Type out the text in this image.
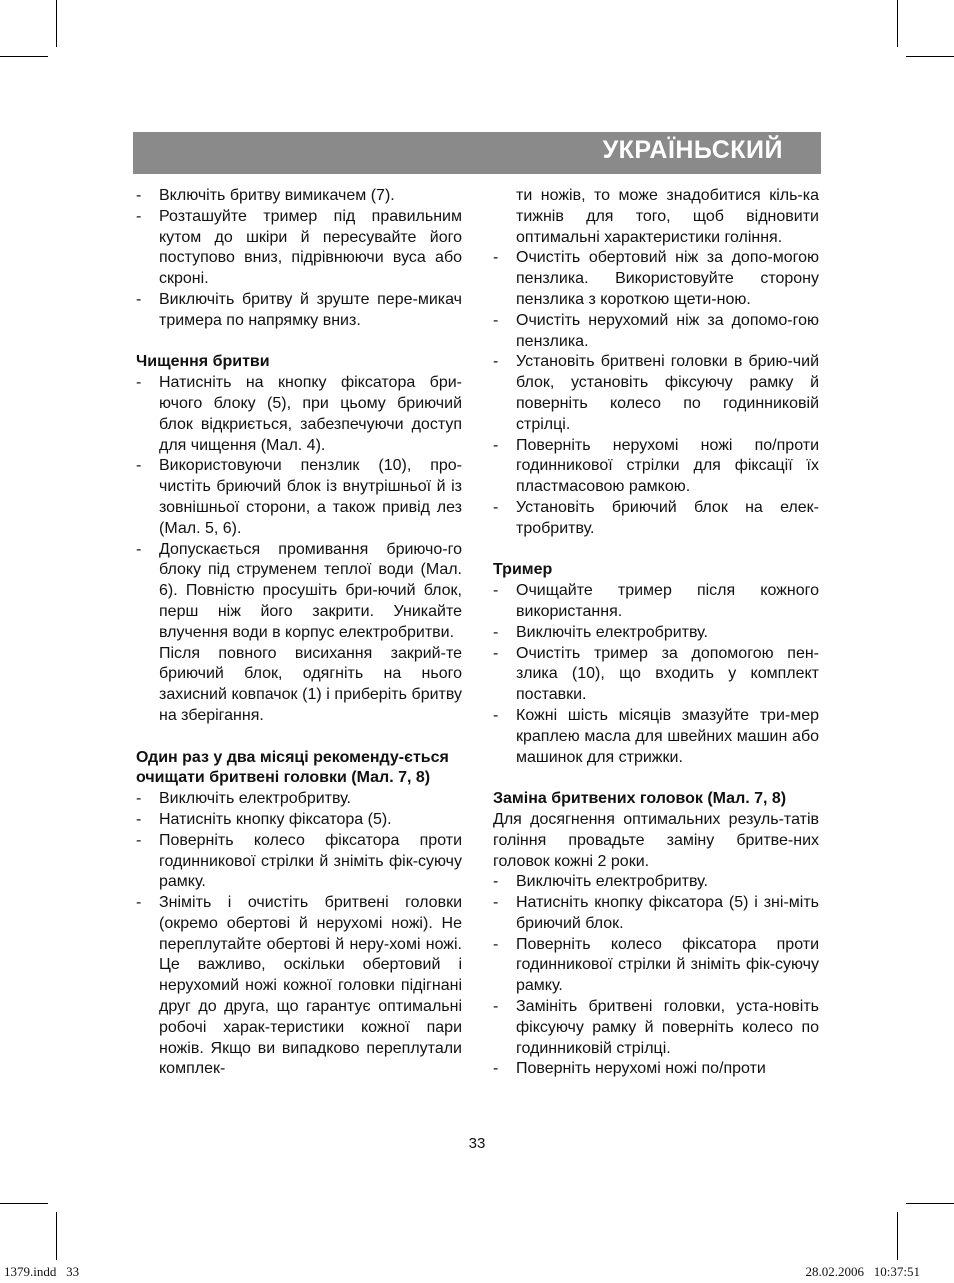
УКРАЇНЬСКИЙ
- Включіть бритву вимикачем (7).
- Розташуйте тример під правильним кутом до шкіри й пересувайте його поступово вниз, підрівнюючи вуса або скроні.
- Виключіть бритву й зруште пере-микач тримера по напрямку вниз.
Чищення бритви
- Натисніть на кнопку фіксатора бри-ючого блоку (5), при цьому бриючий блок відкриється, забезпечуючи доступ для чищення (Мал. 4).
- Використовуючи пензлик (10), про-чистіть бриючий блок із внутрішньої й із зовнішньої сторони, а також привід лез (Мал. 5, 6).
- Допускається промивання бриючо-го блоку під струменем теплої води (Мал. 6). Повністю просушіть бри-ючий блок, перш ніж його закрити. Уникайте влучення води в корпус електробритви.
Після повного висихання закрий-те бриючий блок, одягніть на нього захисний ковпачок (1) і приберіть бритву на зберігання.
Один раз у два місяці рекоменду-ється очищати бритвені головки (Мал. 7, 8)
- Виключіть електробритву.
- Натисніть кнопку фіксатора (5).
- Поверніть колесо фіксатора проти годинникової стрілки й зніміть фік-суючу рамку.
- Зніміть і очистіть бритвені головки (окремо обертові й нерухомі ножі). Не переплутайте обертові й неру-хомі ножі. Це важливо, оскільки обертовий і нерухомий ножі кожної головки підігнані друг до друга, що гарантує оптимальні робочі харак-теристики кожної пари ножів. Якщо ви випадково переплутали комплек-
ти ножів, то може знадобитися кіль-ка тижнів для того, щоб відновити оптимальні характеристики гоління.
- Очистіть обертовий ніж за допо-могою пензлика. Використовуйте сторону пензлика з короткою щети-ною.
- Очистіть нерухомий ніж за допомо-гою пензлика.
- Установіть бритвені головки в брию-чий блок, установіть фіксуючу рамку й поверніть колесо по годинниковій стрілці.
- Поверніть нерухомі ножі по/проти годинникової стрілки для фіксації їх пластмасовою рамкою.
- Установіть бриючий блок на елек-тробритву.
Тример
- Очищайте тример після кожного використання.
- Виключіть електробритву.
- Очистіть тример за допомогою пен-злика (10), що входить у комплект поставки.
- Кожні шість місяців змазуйте три-мер краплею масла для швейних машин або машинок для стрижки.
Заміна бритвених головок (Мал. 7, 8)
Для досягнення оптимальних резуль-татів гоління провадьте заміну бритве-них головок кожні 2 роки.
- Виключіть електробритву.
- Натисніть кнопку фіксатора (5) і зні-міть бриючий блок.
- Поверніть колесо фіксатора проти годинникової стрілки й зніміть фік-суючу рамку.
- Замініть бритвені головки, уста-новіть фіксуючу рамку й поверніть колесо по годинниковій стрілці.
- Поверніть нерухомі ножі по/проти
33
1379.indd   33	28.02.2006   10:37:51
